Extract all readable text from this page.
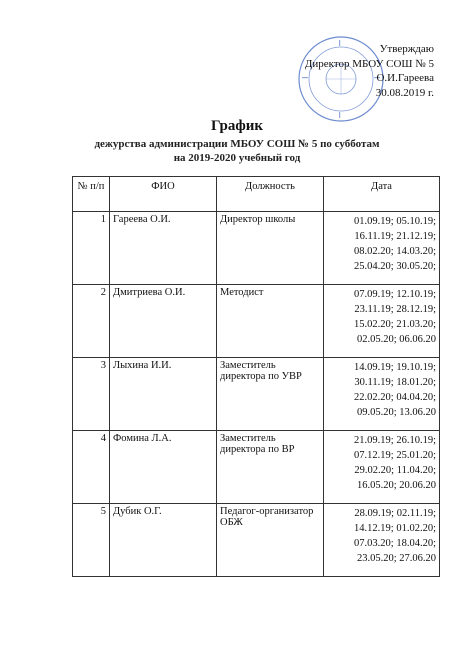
Утверждаю
Директор МБОУ СОШ № 5
О.И.Гареева
30.08.2019 г.
График
дежурства администрации МБОУ СОШ № 5 по субботам
на 2019-2020 учебный год
№ п/п	ФИО	Должность	Дата
1	Гареева О.И.	Директор школы	01.09.19; 05.10.19; 16.11.19; 21.12.19; 08.02.20; 14.03.20; 25.04.20; 30.05.20;
2	Дмитриева О.И.	Методист	07.09.19; 12.10.19; 23.11.19; 28.12.19; 15.02.20; 21.03.20; 02.05.20; 06.06.20
3	Лыхина И.И.	Заместитель директора по УВР	14.09.19; 19.10.19; 30.11.19; 18.01.20; 22.02.20; 04.04.20; 09.05.20; 13.06.20
4	Фомина Л.А.	Заместитель директора по ВР	21.09.19; 26.10.19; 07.12.19; 25.01.20; 29.02.20; 11.04.20; 16.05.20; 20.06.20
5	Дубик О.Г.	Педагог-организатор ОБЖ	28.09.19; 02.11.19; 14.12.19; 01.02.20; 07.03.20; 18.04.20; 23.05.20; 27.06.20
